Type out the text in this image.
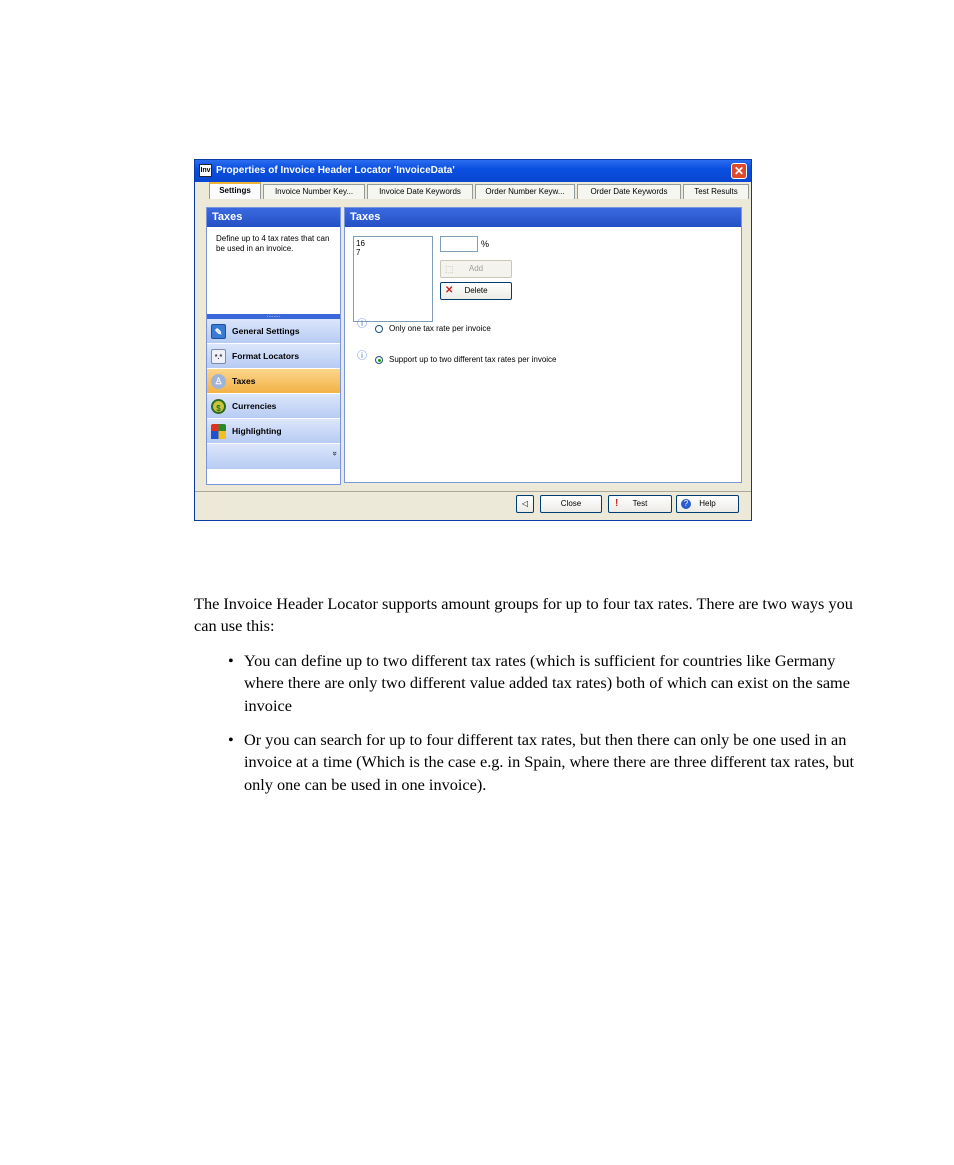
Inv Properties of Invoice Header Locator 'InvoiceData'	✕
Settings	Invoice Number Key...	Invoice Date Keywords	Order Number Keyw...	Order Date Keywords	Test Results
Taxes
Define up to 4 tax rates that can be used in an invoice.
::::::::
✎	General Settings
*.*	Format Locators
♙	Taxes
$	Currencies
Highlighting
»
Taxes
16
7
%
⬚ Add
✕ Delete
ⓘ	Only one tax rate per invoice
ⓘ	Support up to two different tax rates per invoice
◁	Close	! Test	?	Help
The Invoice Header Locator supports amount groups for up to four tax rates. There are two ways you can use this:
• You can define up to two different tax rates (which is sufficient for countries like Germany where there are only two different value added tax rates) both of which can exist on the same invoice
• Or you can search for up to four different tax rates, but then there can only be one used in an invoice at a time (Which is the case e.g. in Spain, where there are three different tax rates, but only one can be used in one invoice).
